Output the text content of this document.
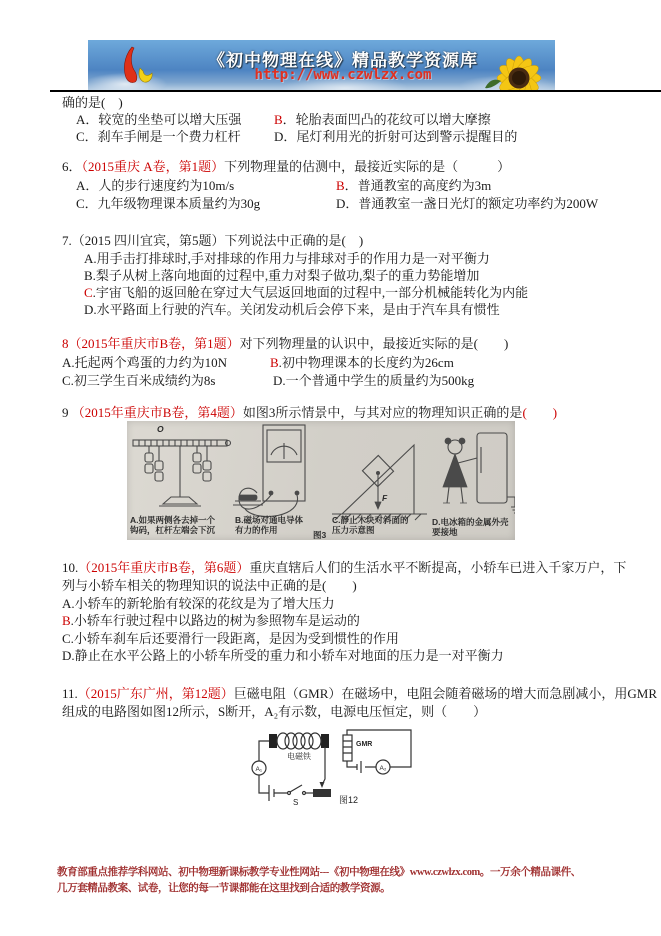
《初中物理在线》精品教学资源库
http://www.czwlzx.com
确的是(　)
A．较宽的坐垫可以增大压强	B．轮胎表面凹凸的花纹可以增大摩擦
C．刹车手闸是一个费力杠杆	D．尾灯利用光的折射可达到警示提醒目的
6．（2015重庆 A卷，第1题）下列物理量的估测中，最接近实际的是（　　　）
A．人的步行速度约为10m/s	B．普通教室的高度约为3m
C．九年级物理课本质量约为30g	D．普通教室一盏日光灯的额定功率约为200W
7.（2015 四川宜宾，第5题）下列说法中正确的是(　)
A.用手击打排球时,手对排球的作用力与排球对手的作用力是一对平衡力
B.梨子从树上落向地面的过程中,重力对梨子做功,梨子的重力势能增加
C.宇宙飞船的返回舱在穿过大气层返回地面的过程中,一部分机械能转化为内能
D.水平路面上行驶的汽车。关闭发动机后会停下来，是由于汽车具有惯性
8（2015年重庆市B卷，第1题）对下列物理量的认识中，最接近实际的是(　　)
A.托起两个鸡蛋的力约为10N	B.初中物理课本的长度约为26cm
C.初三学生百米成绩约为8s	D.一个普通中学生的质量约为500kg
9 （2015年重庆市B卷，第4题）如图3所示情景中，与其对应的物理知识正确的是(　　)
O
F
A.如果两侧各去掉一个
钩码，杠杆左端会下沉
B.磁场对通电导体
有力的作用
C.静止木块对斜面的
压力示意图
D.电冰箱的金属外壳
要接地
图3
10.（2015年重庆市B卷，第6题）重庆直辖后人们的生活水平不断提高，小轿车已进入千家万户，下
列与小轿车相关的物理知识的说法中正确的是(　　)
A.小轿车的新轮胎有较深的花纹是为了增大压力
B.小轿车行驶过程中以路边的树为参照物车是运动的
C.小轿车刹车后还要滑行一段距离，是因为受到惯性的作用
D.静止在水平公路上的小轿车所受的重力和小轿车对地面的压力是一对平衡力
11.（2015广东广州，第12题）巨磁电阻（GMR）在磁场中，电阻会随着磁场的增大而急剧减小，用GMR
组成的电路图如图12所示，S断开，A₂有示数，电源电压恒定，则（　　）
电磁铁
A₁
S
GMR
A₂
图12
教育部重点推荐学科网站、初中物理新课标教学专业性网站---《初中物理在线》www.czwlzx.com。一万余个精品课件、
几万套精品教案、试卷，让您的每一节课都能在这里找到合适的教学资源。
